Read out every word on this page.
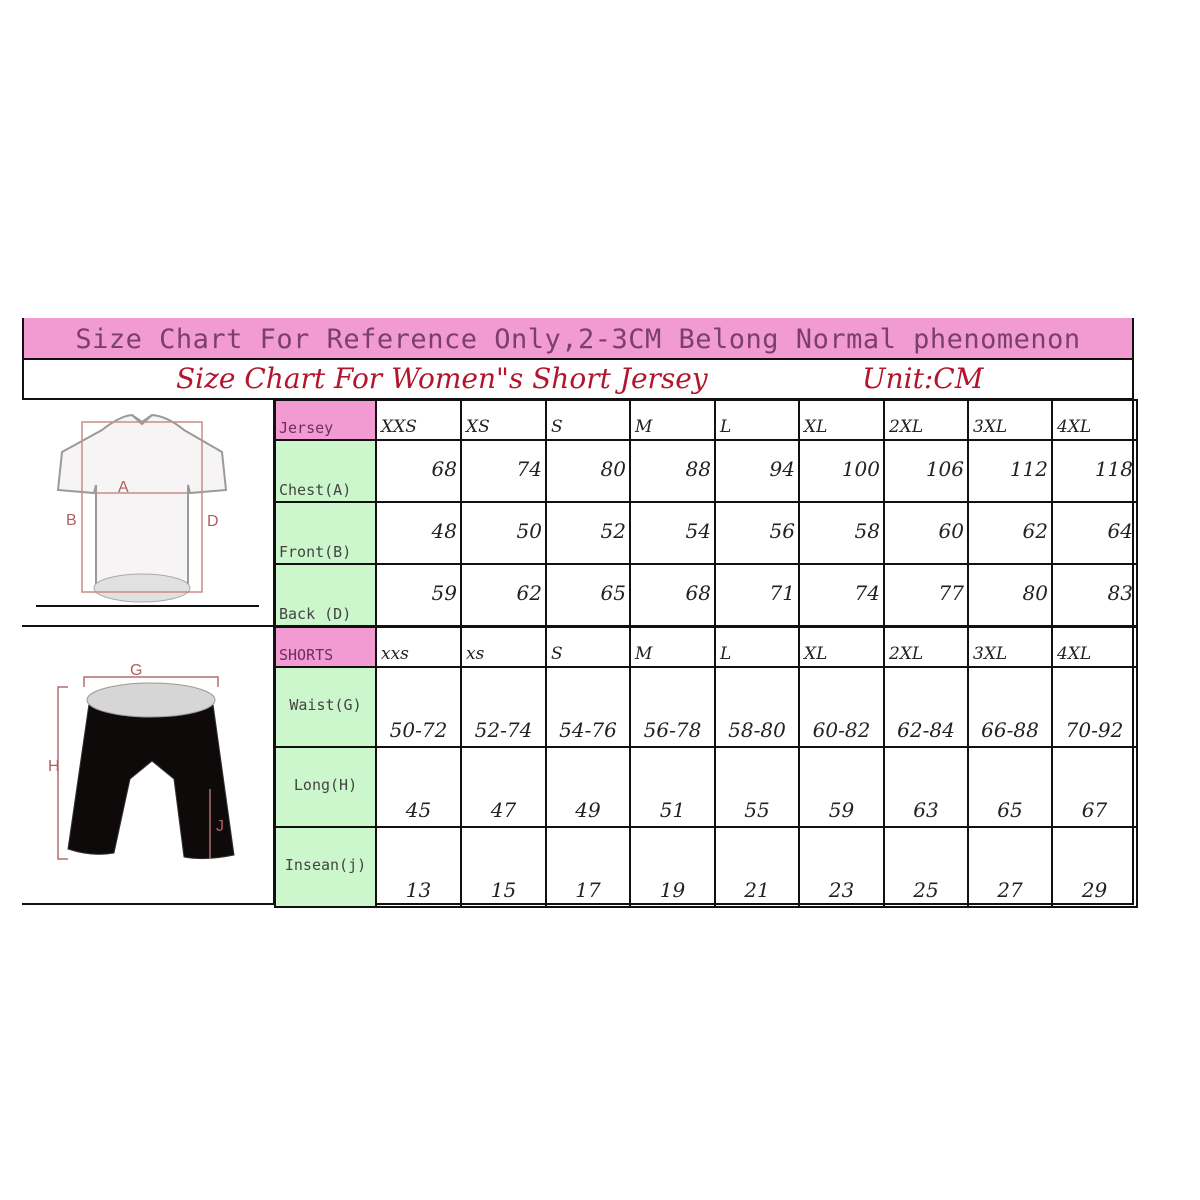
Size Chart For Reference Only,2-3CM Belong Normal phenomenon
Size Chart For Women"s Short Jersey	Unit:CM
A
B	D
G
H
J
Jersey	XXS	XS	S	M	L	XL	2XL	3XL	4XL

Chest(A)	68	74	80	88	94	100	106	112	118

Front(B)	48	50	52	54	56	58	60	62	64

Back (D)	59	62	65	68	71	74	77	80	83
SHORTS	xxs	xs	S	M	L	XL	2XL	3XL	4XL

Waist(G)	50-72	52-74	54-76	56-78	58-80	60-82	62-84	66-88	70-92

Long(H)	45	47	49	51	55	59	63	65	67

Insean(j)	13	15	17	19	21	23	25	27	29
